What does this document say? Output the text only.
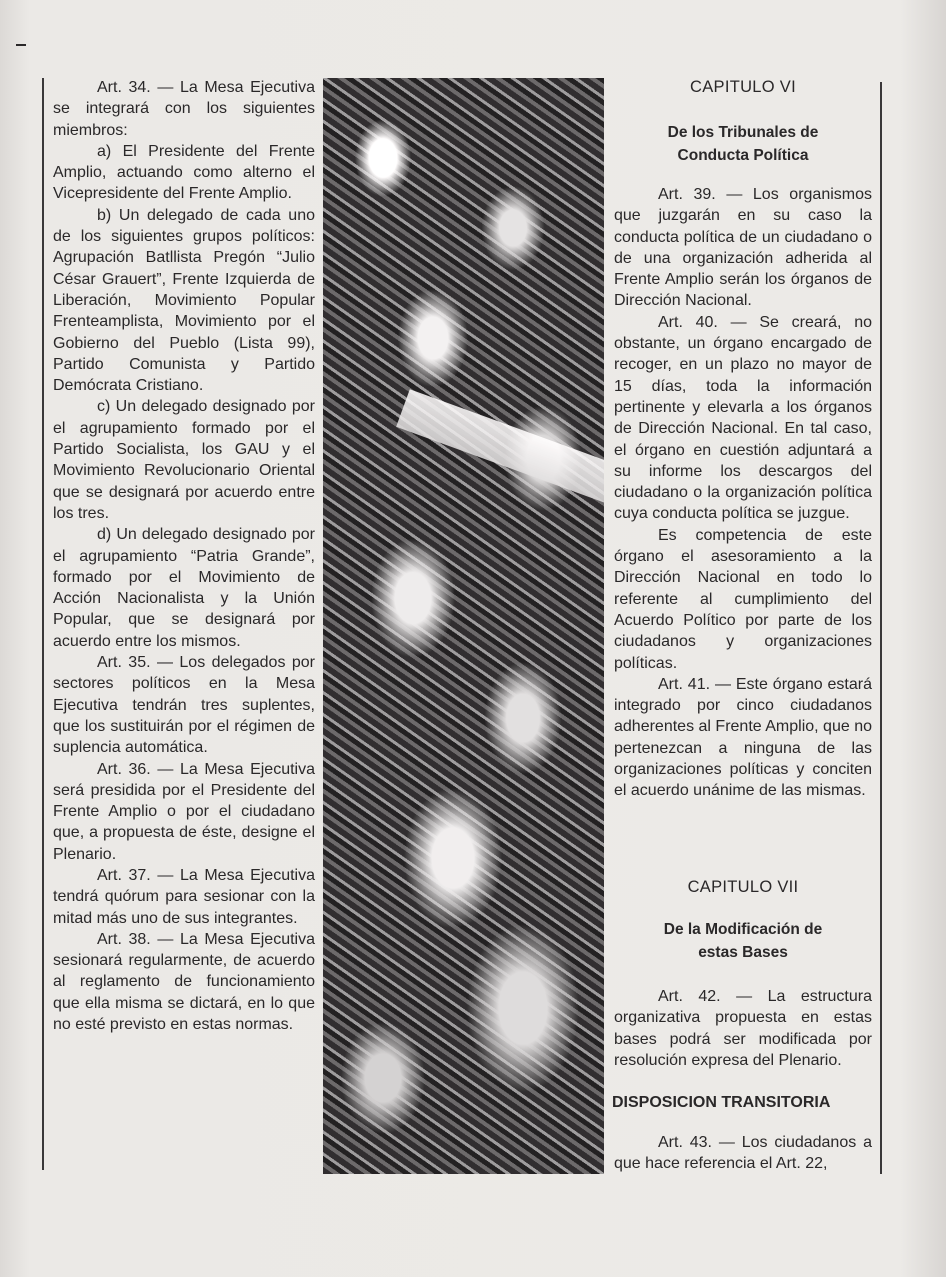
Art. 34. — La Mesa Ejecutiva se integrará con los siguientes miembros:

a) El Presidente del Frente Amplio, actuando como alterno el Vicepresidente del Frente Amplio.

b) Un delegado de cada uno de los siguientes grupos políticos: Agrupación Batllista Pregón “Julio César Grauert”, Frente Izquierda de Liberación, Movimiento Popular Frenteamplista, Movimiento por el Gobierno del Pueblo (Lista 99), Partido Comunista y Partido Demócrata Cristiano.

c) Un delegado designado por el agrupamiento formado por el Partido Socialista, los GAU y el Movimiento Revolucionario Oriental que se designará por acuerdo entre los tres.

d) Un delegado designado por el agrupamiento “Patria Grande”, formado por el Movimiento de Acción Nacionalista y la Unión Popular, que se designará por acuerdo entre los mismos.

Art. 35. — Los delegados por sectores políticos en la Mesa Ejecutiva tendrán tres suplentes, que los sustituirán por el régimen de suplencia automática.

Art. 36. — La Mesa Ejecutiva será presidida por el Presidente del Frente Amplio o por el ciudadano que, a propuesta de éste, designe el Plenario.

Art. 37. — La Mesa Ejecutiva tendrá quórum para sesionar con la mitad más uno de sus integrantes.

Art. 38. — La Mesa Ejecutiva sesionará regularmente, de acuerdo al reglamento de funcionamiento que ella misma se dictará, en lo que no esté previsto en estas normas.

CAPITULO VI
De los Tribunales de
Conducta Política

Art. 39. — Los organismos que juzgarán en su caso la conducta política de un ciudadano o de una organización adherida al Frente Amplio serán los órganos de Dirección Nacional.

Art. 40. — Se creará, no obstante, un órgano encargado de recoger, en un plazo no mayor de 15 días, toda la información pertinente y elevarla a los órganos de Dirección Nacional. En tal caso, el órgano en cuestión adjuntará a su informe los descargos del ciudadano o la organización política cuya conducta política se juzgue.

Es competencia de este órgano el asesoramiento a la Dirección Nacional en todo lo referente al cumplimiento del Acuerdo Político por parte de los ciudadanos y organizaciones políticas.

Art. 41. — Este órgano estará integrado por cinco ciudadanos adherentes al Frente Amplio, que no pertenezcan a ninguna de las organizaciones políticas y conciten el acuerdo unánime de las mismas.

CAPITULO VII
De la Modificación de
estas Bases

Art. 42. — La estructura organizativa propuesta en estas bases podrá ser modificada por resolución expresa del Plenario.

DISPOSICION TRANSITORIA

Art. 43. — Los ciudadanos a que hace referencia el Art. 22,
